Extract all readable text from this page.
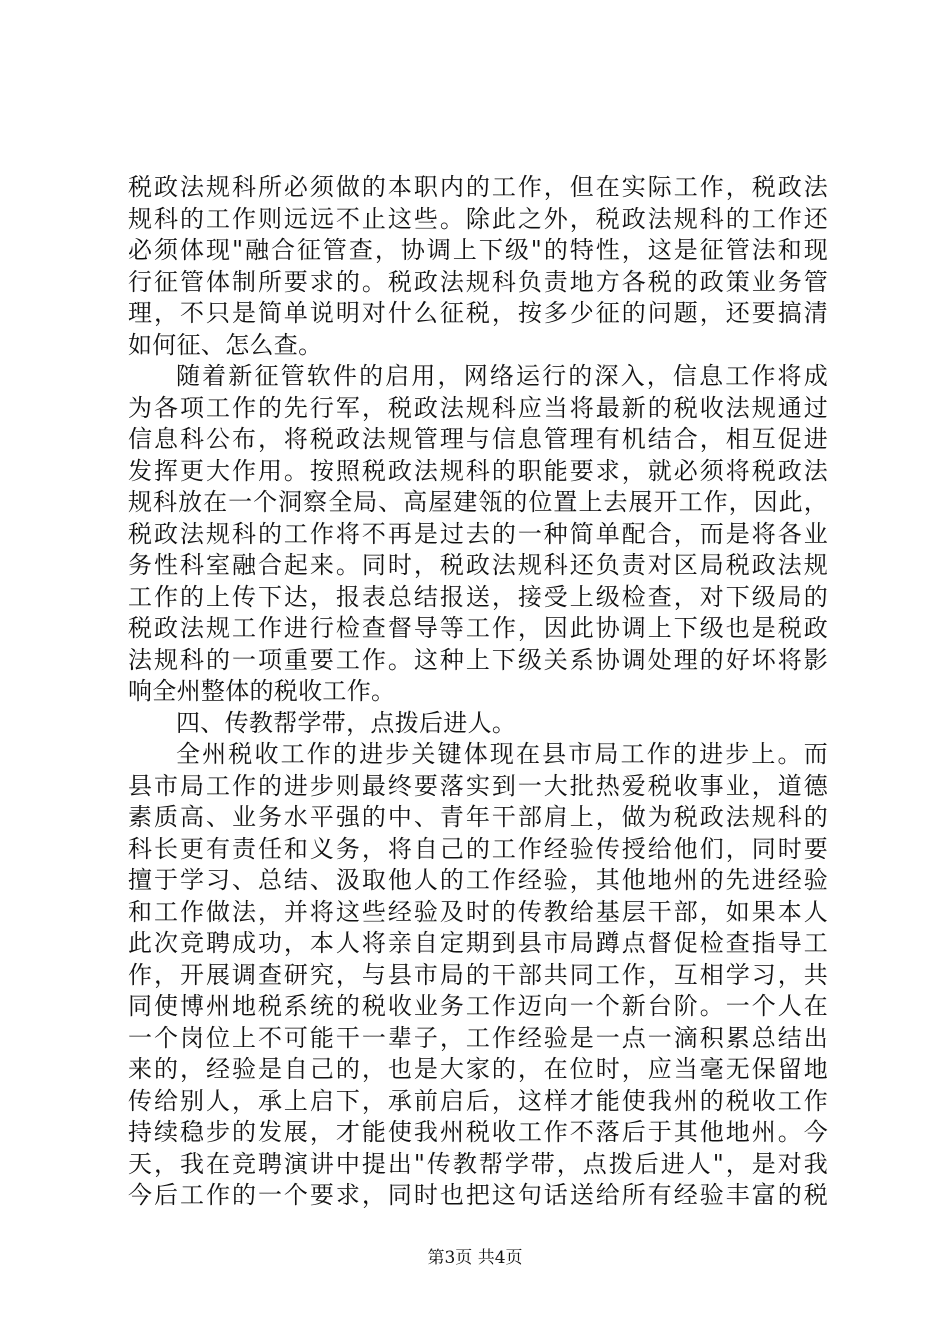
税政法规科所必须做的本职内的工作，但在实际工作，税政法
规科的工作则远远不止这些。除此之外，税政法规科的工作还
必须体现"融合征管查，协调上下级"的特性，这是征管法和现
行征管体制所要求的。税政法规科负责地方各税的政策业务管
理，不只是简单说明对什么征税，按多少征的问题，还要搞清
如何征、怎么查。
随着新征管软件的启用，网络运行的深入，信息工作将成
为各项工作的先行军，税政法规科应当将最新的税收法规通过
信息科公布，将税政法规管理与信息管理有机结合，相互促进
发挥更大作用。按照税政法规科的职能要求，就必须将税政法
规科放在一个洞察全局、高屋建瓴的位置上去展开工作，因此，
税政法规科的工作将不再是过去的一种简单配合，而是将各业
务性科室融合起来。同时，税政法规科还负责对区局税政法规
工作的上传下达，报表总结报送，接受上级检查，对下级局的
税政法规工作进行检查督导等工作，因此协调上下级也是税政
法规科的一项重要工作。这种上下级关系协调处理的好坏将影
响全州整体的税收工作。
四、传教帮学带，点拨后进人。
全州税收工作的进步关键体现在县市局工作的进步上。而
县市局工作的进步则最终要落实到一大批热爱税收事业，道德
素质高、业务水平强的中、青年干部肩上，做为税政法规科的
科长更有责任和义务，将自己的工作经验传授给他们，同时要
擅于学习、总结、汲取他人的工作经验，其他地州的先进经验
和工作做法，并将这些经验及时的传教给基层干部，如果本人
此次竞聘成功，本人将亲自定期到县市局蹲点督促检查指导工
作，开展调查研究，与县市局的干部共同工作，互相学习，共
同使博州地税系统的税收业务工作迈向一个新台阶。一个人在
一个岗位上不可能干一辈子，工作经验是一点一滴积累总结出
来的，经验是自己的，也是大家的，在位时，应当毫无保留地
传给别人，承上启下，承前启后，这样才能使我州的税收工作
持续稳步的发展，才能使我州税收工作不落后于其他地州。今
天，我在竞聘演讲中提出"传教帮学带，点拨后进人"，是对我
今后工作的一个要求，同时也把这句话送给所有经验丰富的税
第3页 共4页
